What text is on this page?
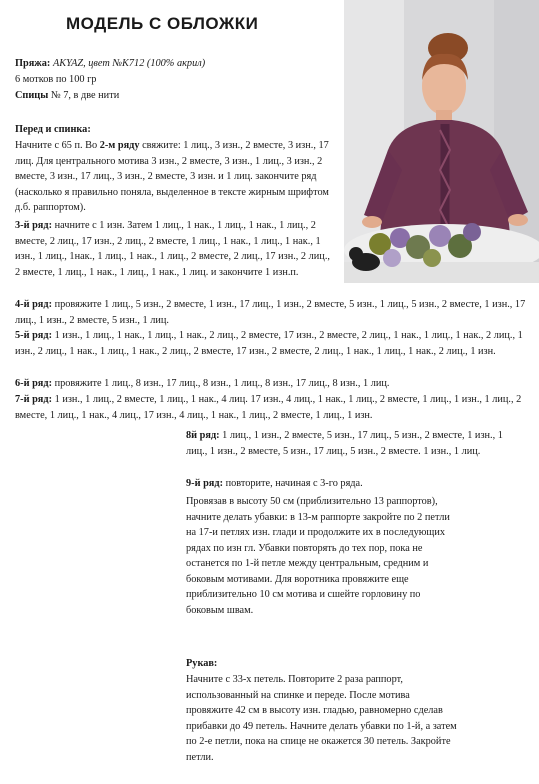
МОДЕЛЬ С ОБЛОЖКИ

Пряжа: AKYAZ, цвет №K712 (100% акрил)

6 мотков по 100 гр

Спицы № 7, в две нити

Перед и спинка:

Начните с 65 п. Во 2-м ряду свяжите: 1 лиц., 3 изн., 2 вместе, 3 изн., 17 лиц. Для центрального мотива 3 изн., 2 вместе, 3 изн., 1 лиц., 3 изн., 2 вместе, 3 изн., 17 лиц., 3 изн., 2 вместе, 3 изн. и 1 лиц. закончите ряд (насколько я правильно поняла, выделенное в тексте жирным шрифтом д.б. раппортом).

3-й ряд: начните с 1 изн. Затем 1 лиц., 1 нак., 1 лиц., 1 нак., 1 лиц., 2 вместе, 2 лиц., 17 изн., 2 лиц., 2 вместе, 1 лиц., 1 нак., 1 лиц., 1 нак., 1 изн., 1 лиц., 1нак., 1 лиц., 1 нак., 1 лиц., 2 вместе, 2 лиц., 17 изн., 2 лиц., 2 вместе, 1 лиц., 1 нак., 1 лиц., 1 нак., 1 лиц. и закончите 1 изн.п.

4-й ряд: провяжите 1 лиц., 5 изн., 2 вместе, 1 изн., 17 лиц., 1 изн., 2 вместе, 5 изн., 1 лиц., 5 изн., 2 вместе, 1 изн., 17 лиц., 1 изн., 2 вместе, 5 изн., 1 лиц.

5-й ряд: 1 изн., 1 лиц., 1 нак., 1 лиц., 1 нак., 2 лиц., 2 вместе, 17 изн., 2 вместе, 2 лиц., 1 нак., 1 лиц., 1 нак., 2 лиц., 1 изн., 2 лиц., 1 нак., 1 лиц., 1 нак., 2 лиц., 2 вместе, 17 изн., 2 вместе, 2 лиц., 1 нак., 1 лиц., 1 нак., 2 лиц., 1 изн.

6-й ряд: провяжите 1 лиц., 8 изн., 17 лиц., 8 изн., 1 лиц., 8 изн., 17 лиц., 8 изн., 1 лиц.

7-й ряд: 1 изн., 1 лиц., 2 вместе, 1 лиц., 1 нак., 4 лиц. 17 изн., 4 лиц., 1 нак., 1 лиц., 2 вместе, 1 лиц., 1 изн., 1 лиц., 2 вместе, 1 лиц., 1 нак., 4 лиц., 17 изн., 4 лиц., 1 нак., 1 лиц., 2 вместе, 1 лиц., 1 изн.

8й ряд: 1 лиц., 1 изн., 2 вместе, 5 изн., 17 лиц., 5 изн., 2 вместе, 1 изн., 1 лиц., 1 изн., 2 вместе, 5 изн., 17 лиц., 5 изн., 2 вместе. 1 изн., 1 лиц.

9-й ряд: повторите, начиная с 3-го ряда.

Провязав в высоту 50 см (приблизительно 13 раппортов), начните делать убавки: в 13-м раппорте закройте по 2 петли на 17-и петлях изн. глади и продолжите их в последующих рядах по изн гл. Убавки повторять до тех пор, пока не останется по 1-й петле между центральным, средним и боковым мотивами. Для воротника провяжите еще приблизительно 10 см мотива и сшейте горловину по боковым швам.

Рукав:

Начните с 33-х петель. Повторите 2 раза раппорт, использованный на спинке и переде. После мотива провяжите 42 см в высоту изн. гладью, равномерно сделав прибавки до 49 петель. Начните делать убавки по 1-й, а затем по 2-е петли, пока на спице не окажется 30 петель. Закройте петли.
